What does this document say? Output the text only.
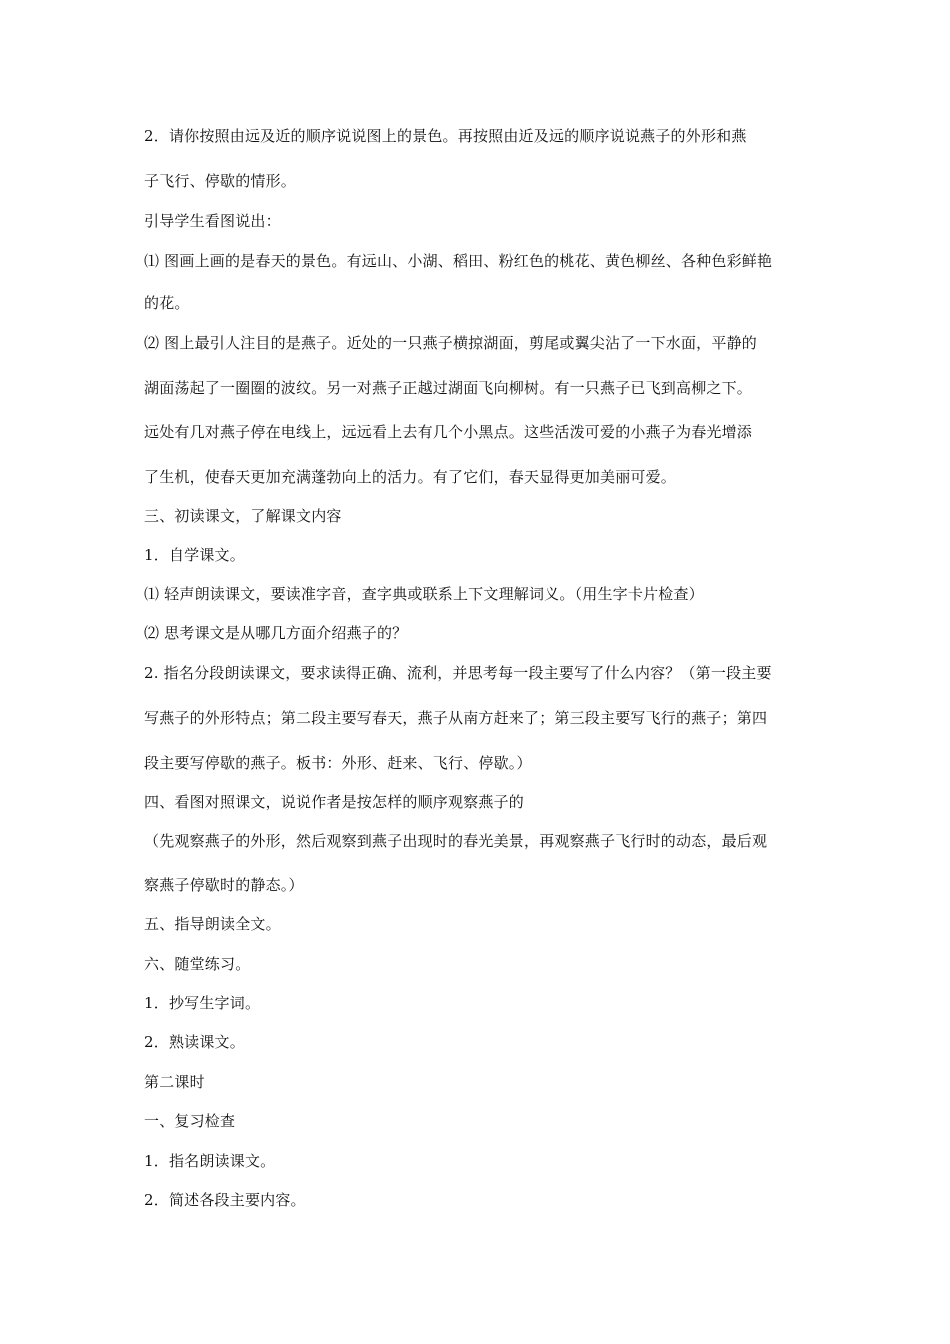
2．请你按照由远及近的顺序说说图上的景色。再按照由近及远的顺序说说燕子的外形和燕
子飞行、停歇的情形。
引导学生看图说出：
⑴ 图画上画的是春天的景色。有远山、小湖、稻田、粉红色的桃花、黄色柳丝、各种色彩鲜艳
的花。
⑵ 图上最引人注目的是燕子。近处的一只燕子横掠湖面，剪尾或翼尖沾了一下水面，平静的
湖面荡起了一圈圈的波纹。另一对燕子正越过湖面飞向柳树。有一只燕子已飞到高柳之下。
远处有几对燕子停在电线上，远远看上去有几个小黑点。这些活泼可爱的小燕子为春光增添
了生机，使春天更加充满蓬勃向上的活力。有了它们，春天显得更加美丽可爱。
三、初读课文，了解课文内容
1．自学课文。
⑴ 轻声朗读课文，要读准字音，查字典或联系上下文理解词义。（用生字卡片检查）
⑵ 思考课文是从哪几方面介绍燕子的？
2. 指名分段朗读课文，要求读得正确、流利，并思考每一段主要写了什么内容？（第一段主要
写燕子的外形特点；第二段主要写春天，燕子从南方赶来了；第三段主要写飞行的燕子；第四
段主要写停歇的燕子。板书：外形、赶来、飞行、停歇。）
四、看图对照课文，说说作者是按怎样的顺序观察燕子的
（先观察燕子的外形，然后观察到燕子出现时的春光美景，再观察燕子飞行时的动态，最后观
察燕子停歇时的静态。）
五、指导朗读全文。
六、随堂练习。
1．抄写生字词。
2．熟读课文。
第二课时
一、复习检查
1．指名朗读课文。
2．简述各段主要内容。
